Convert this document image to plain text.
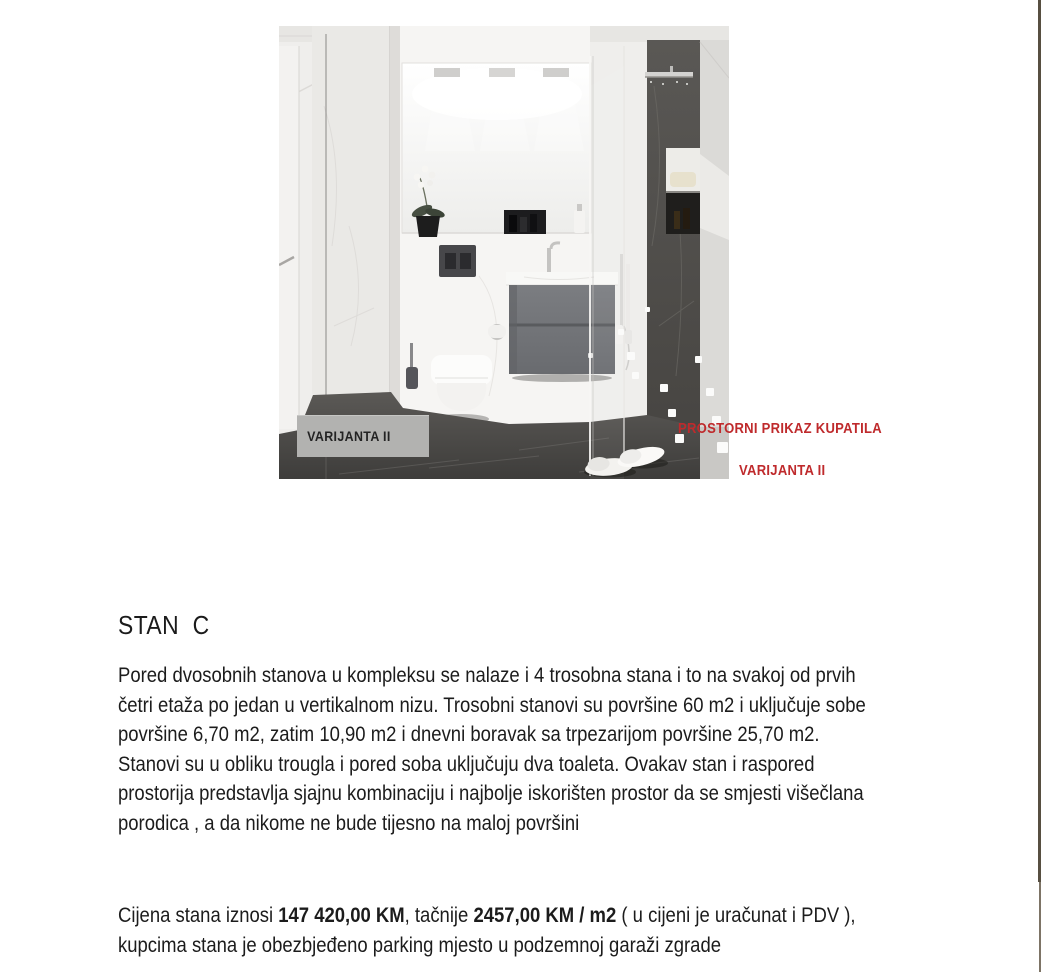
VARIJANTA II	PROSTORNI PRIKAZ KUPATILA
VARIJANTA II
STAN  C
Pored dvosobnih stanova u kompleksu se nalaze i 4 trosobna stana i to na svakoj od prvih
četri etaža po jedan u vertikalnom nizu. Trosobni stanovi su površine 60 m2 i uključuje sobe
površine 6,70 m2, zatim 10,90 m2 i dnevni boravak sa trpezarijom površine 25,70 m2.
Stanovi su u obliku trougla i pored soba uključuju dva toaleta. Ovakav stan i raspored
prostorija predstavlja sjajnu kombinaciju i najbolje iskorišten prostor da se smjesti višečlana
porodica , a da nikome ne bude tijesno na maloj površini
Cijena stana iznosi 147 420,00 KM, tačnije 2457,00 KM / m2 ( u cijeni je uračunat i PDV ),
kupcima stana je obezbjeđeno parking mjesto u podzemnoj garaži zgrade
